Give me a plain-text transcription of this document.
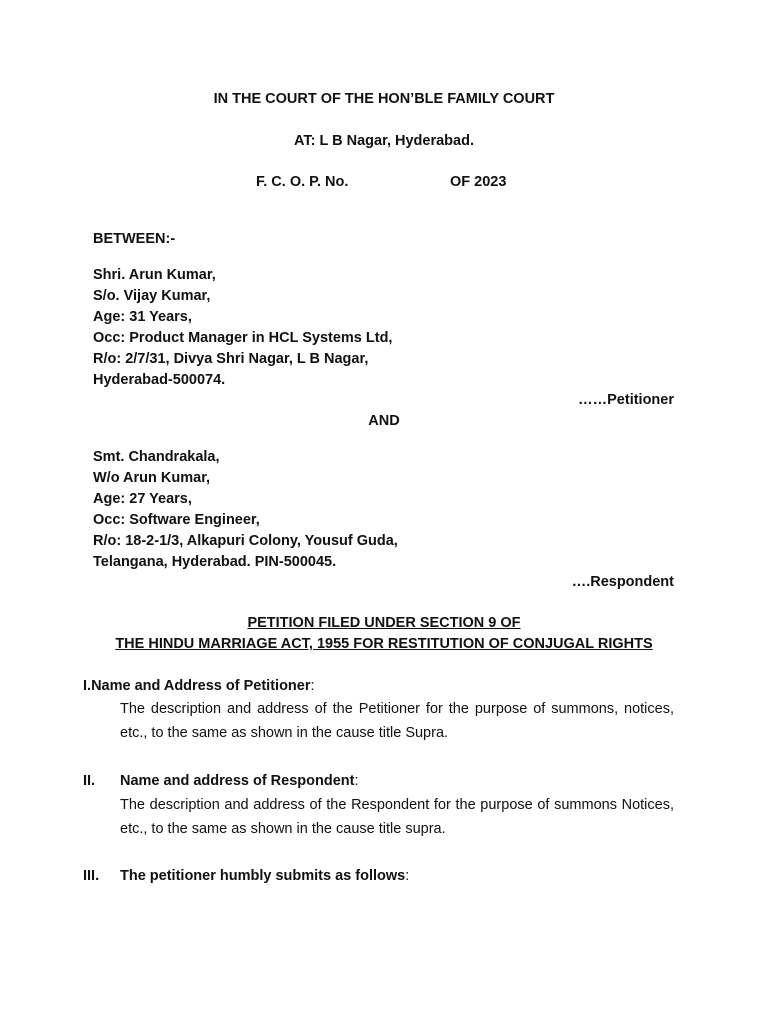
IN THE COURT OF THE HON’BLE FAMILY COURT
AT: L B Nagar, Hyderabad.
F. C. O. P. No.	OF 2023
BETWEEN:-
Shri. Arun Kumar,
S/o. Vijay Kumar,
Age: 31 Years,
Occ: Product Manager in HCL Systems Ltd,
R/o: 2/7/31, Divya Shri Nagar, L B Nagar,
Hyderabad-500074.
……Petitioner
AND
Smt. Chandrakala,
W/o Arun Kumar,
Age: 27 Years,
Occ: Software Engineer,
R/o: 18-2-1/3, Alkapuri Colony, Yousuf Guda,
Telangana, Hyderabad. PIN-500045.
….Respondent
PETITION FILED UNDER SECTION 9 OF
THE HINDU MARRIAGE ACT, 1955 FOR RESTITUTION OF CONJUGAL RIGHTS
I.Name and Address of Petitioner:
The description and address of the Petitioner for the purpose of summons, notices, etc., to the same as shown in the cause title Supra.
II. Name and address of Respondent:
The description and address of the Respondent for the purpose of summons Notices, etc., to the same as shown in the cause title supra.
III. The petitioner humbly submits as follows:
